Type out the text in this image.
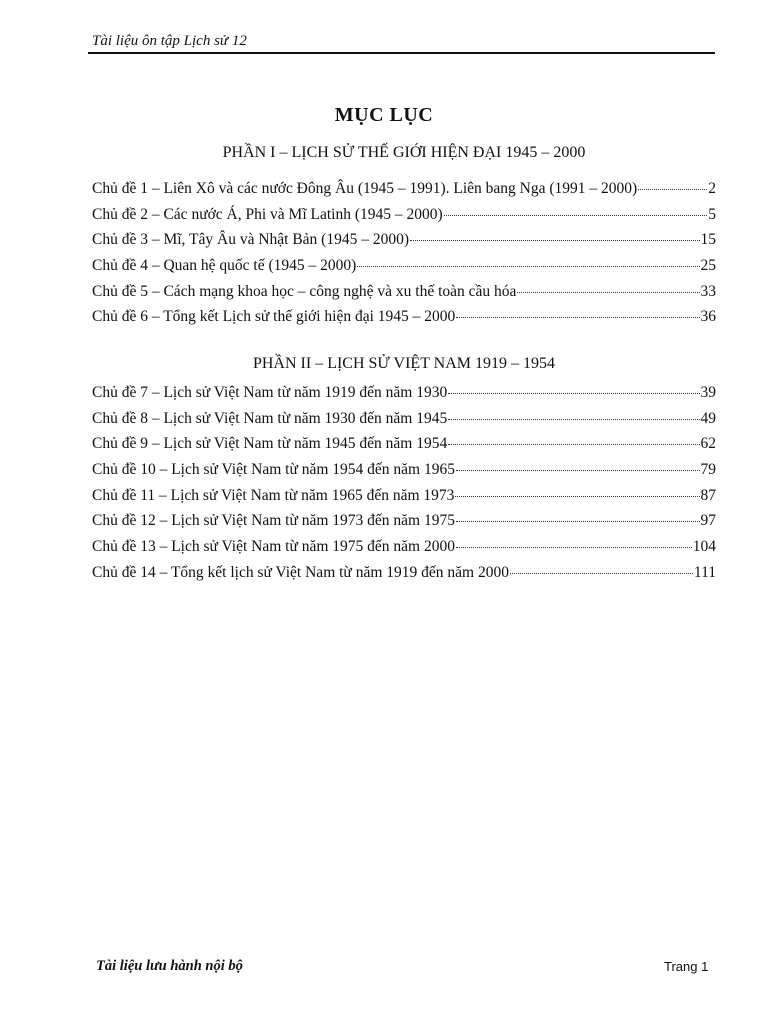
Tài liệu ôn tập Lịch sử 12
MỤC LỤC
PHẦN I – LỊCH SỬ THẾ GIỚI HIỆN ĐẠI 1945 – 2000
Chủ đề 1 – Liên Xô và các nước Đông Âu (1945 – 1991). Liên bang Nga (1991 – 2000)	2
Chủ đề 2 – Các nước Á, Phi và Mĩ Latinh (1945 – 2000)	5
Chủ đề 3 – Mĩ, Tây Âu và Nhật Bản (1945 – 2000)	15
Chủ đề 4 – Quan hệ quốc tế (1945 – 2000)	25
Chủ đề 5 – Cách mạng khoa học – công nghệ và xu thế toàn cầu hóa	33
Chủ đề 6 – Tổng kết Lịch sử thế giới hiện đại 1945 – 2000	36
PHẦN II – LỊCH SỬ VIỆT NAM 1919 – 1954
Chủ đề 7 – Lịch sử Việt Nam từ năm 1919 đến năm 1930	39
Chủ đề 8 – Lịch sử Việt Nam từ năm 1930 đến năm 1945	49
Chủ đề 9 – Lịch sử Việt Nam từ năm 1945 đến năm 1954	62
Chủ đề 10 – Lịch sử Việt Nam từ năm 1954 đến năm 1965	79
Chủ đề 11 – Lịch sử Việt Nam từ năm 1965 đến năm 1973	87
Chủ đề 12 – Lịch sử Việt Nam từ năm 1973 đến năm 1975	97
Chủ đề 13 – Lịch sử Việt Nam từ năm 1975 đến năm 2000	104
Chủ đề 14 – Tổng kết lịch sử Việt Nam từ năm 1919 đến năm 2000	111
Tài liệu lưu hành nội bộ	Trang 1
